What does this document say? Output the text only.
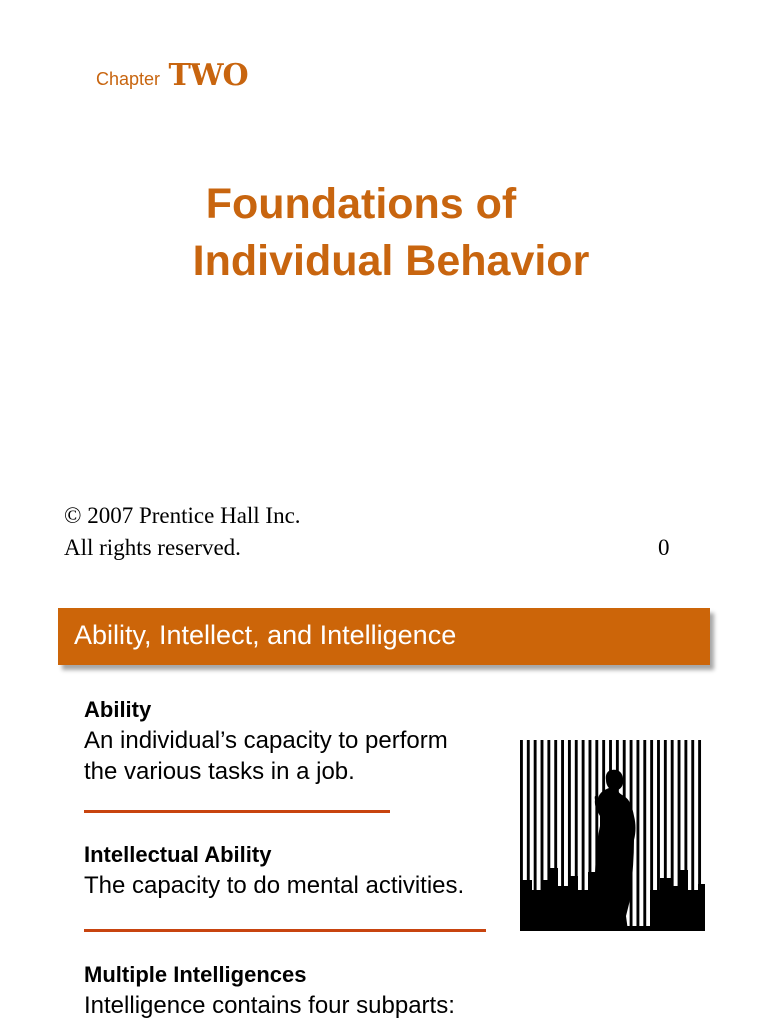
Chapter TWO
Foundations of
Individual Behavior
© 2007 Prentice Hall Inc.
All rights reserved.	0
Ability, Intellect, and Intelligence
Ability
An individual’s capacity to perform
the various tasks in a job.
Intellectual Ability
The capacity to do mental activities.
Multiple Intelligences
Intelligence contains four subparts:
